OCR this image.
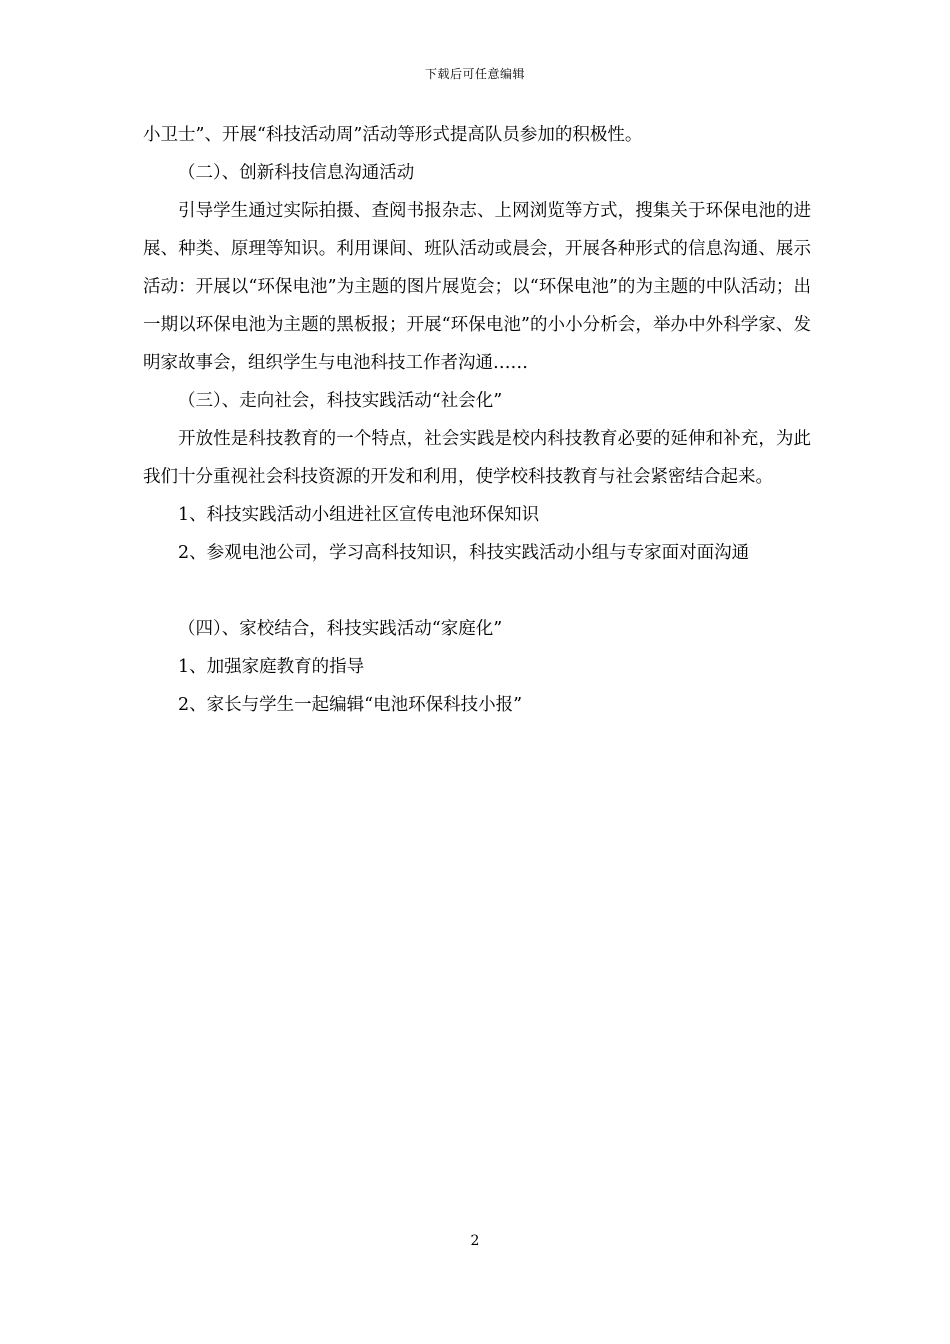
下载后可任意编辑

小卫士”、开展“科技活动周”活动等形式提高队员参加的积极性。

（二）、创新科技信息沟通活动

引导学生通过实际拍摄、查阅书报杂志、上网浏览等方式，搜集关于环保电池的进展、种类、原理等知识。利用课间、班队活动或晨会，开展各种形式的信息沟通、展示活动：开展以“环保电池”为主题的图片展览会；以“环保电池”的为主题的中队活动；出一期以环保电池为主题的黑板报；开展“环保电池”的小小分析会，举办中外科学家、发明家故事会，组织学生与电池科技工作者沟通……

（三）、走向社会，科技实践活动“社会化”

开放性是科技教育的一个特点，社会实践是校内科技教育必要的延伸和补充，为此我们十分重视社会科技资源的开发和利用，使学校科技教育与社会紧密结合起来。

1、科技实践活动小组进社区宣传电池环保知识

2、参观电池公司，学习高科技知识，科技实践活动小组与专家面对面沟通

（四）、家校结合，科技实践活动“家庭化”

1、加强家庭教育的指导

2、家长与学生一起编辑“电池环保科技小报”

2
